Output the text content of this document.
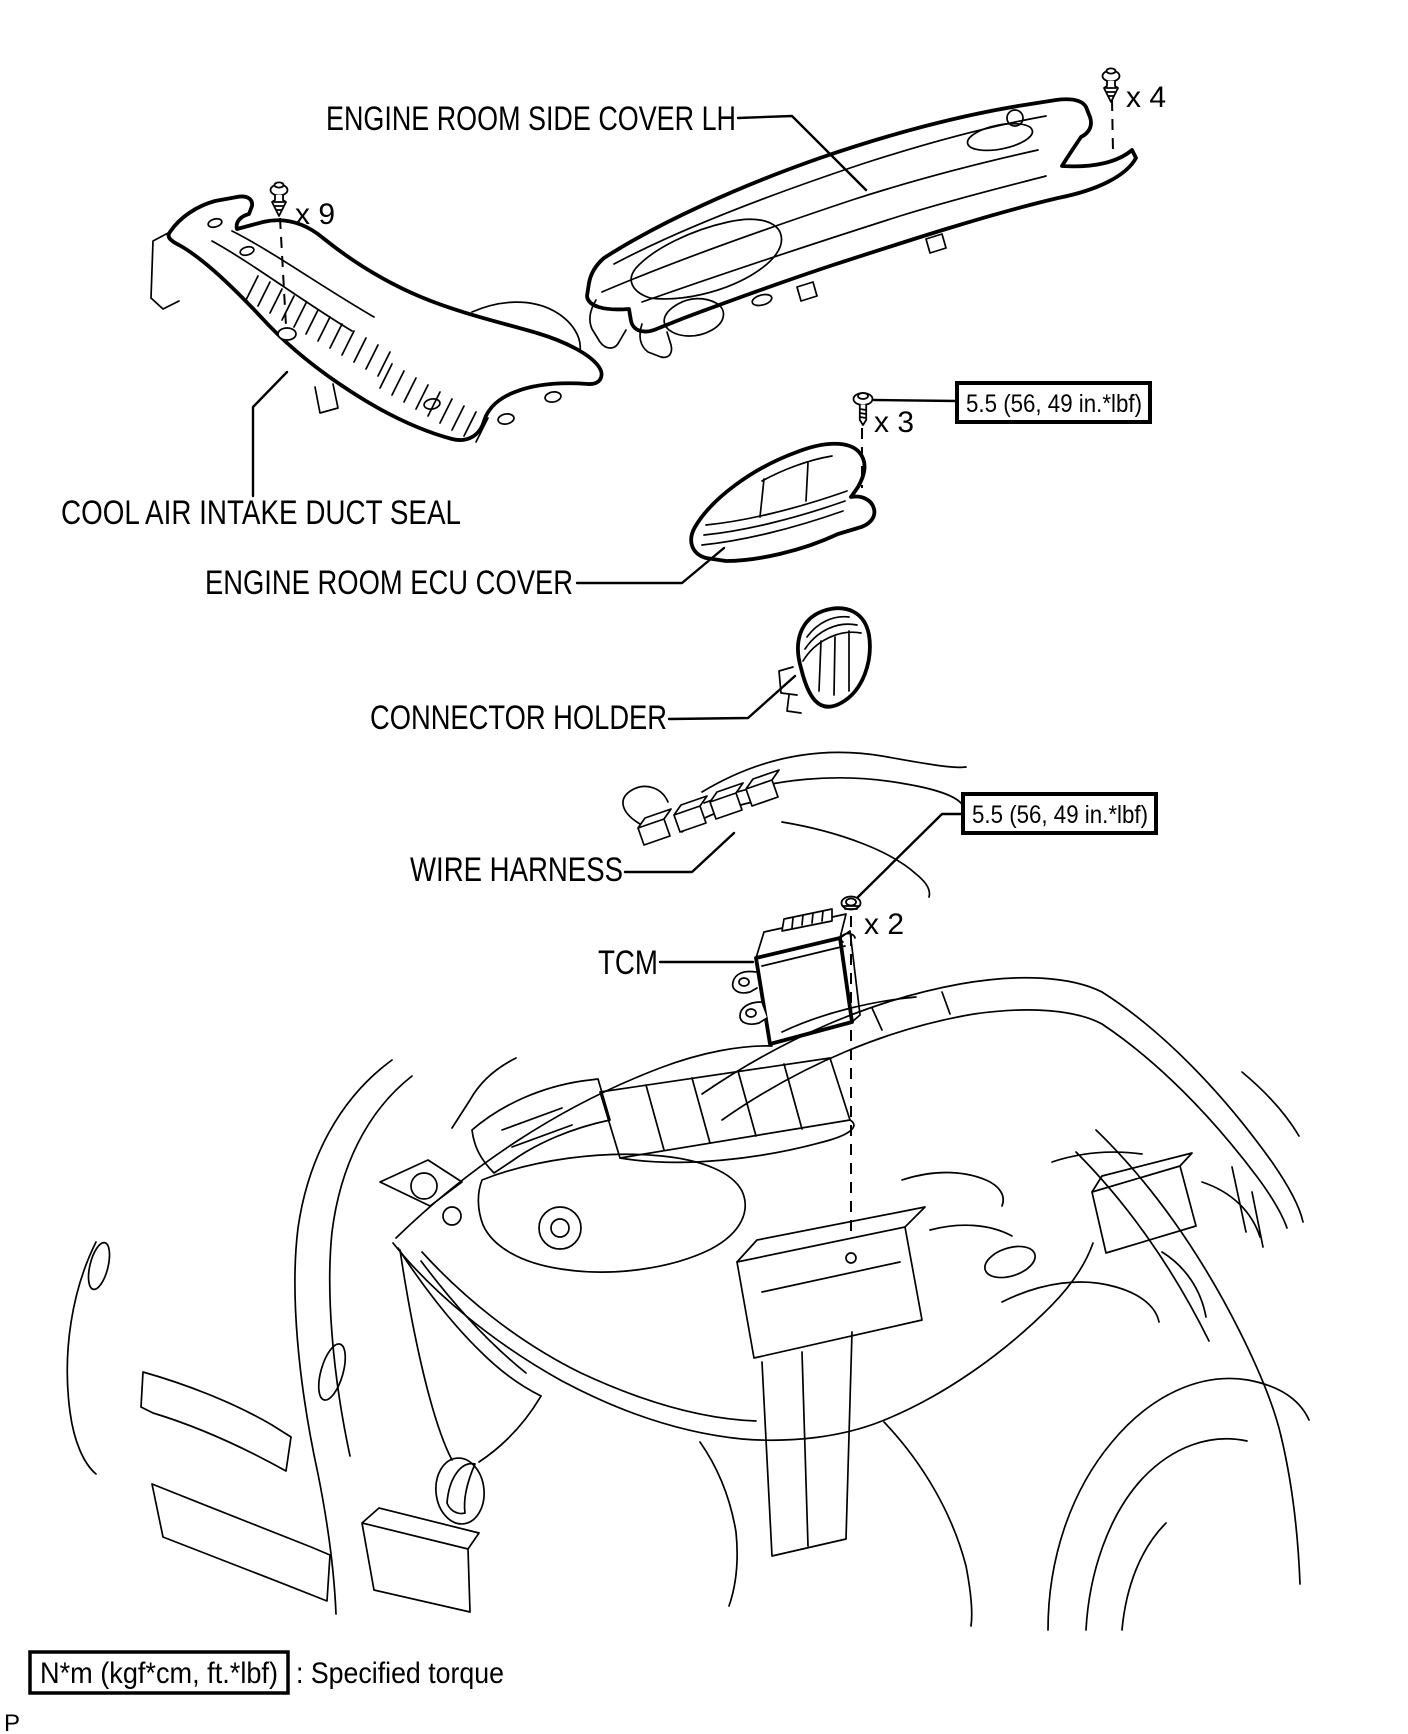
ENGINE ROOM SIDE COVER LH
COOL AIR INTAKE DUCT SEAL
ENGINE ROOM ECU COVER
CONNECTOR HOLDER
WIRE HARNESS
TCM
x 9
x 4
x 3
x 2
5.5 (56, 49 in.*lbf)
5.5 (56, 49 in.*lbf)
N*m (kgf*cm, ft.*lbf) : Specified torque
P
